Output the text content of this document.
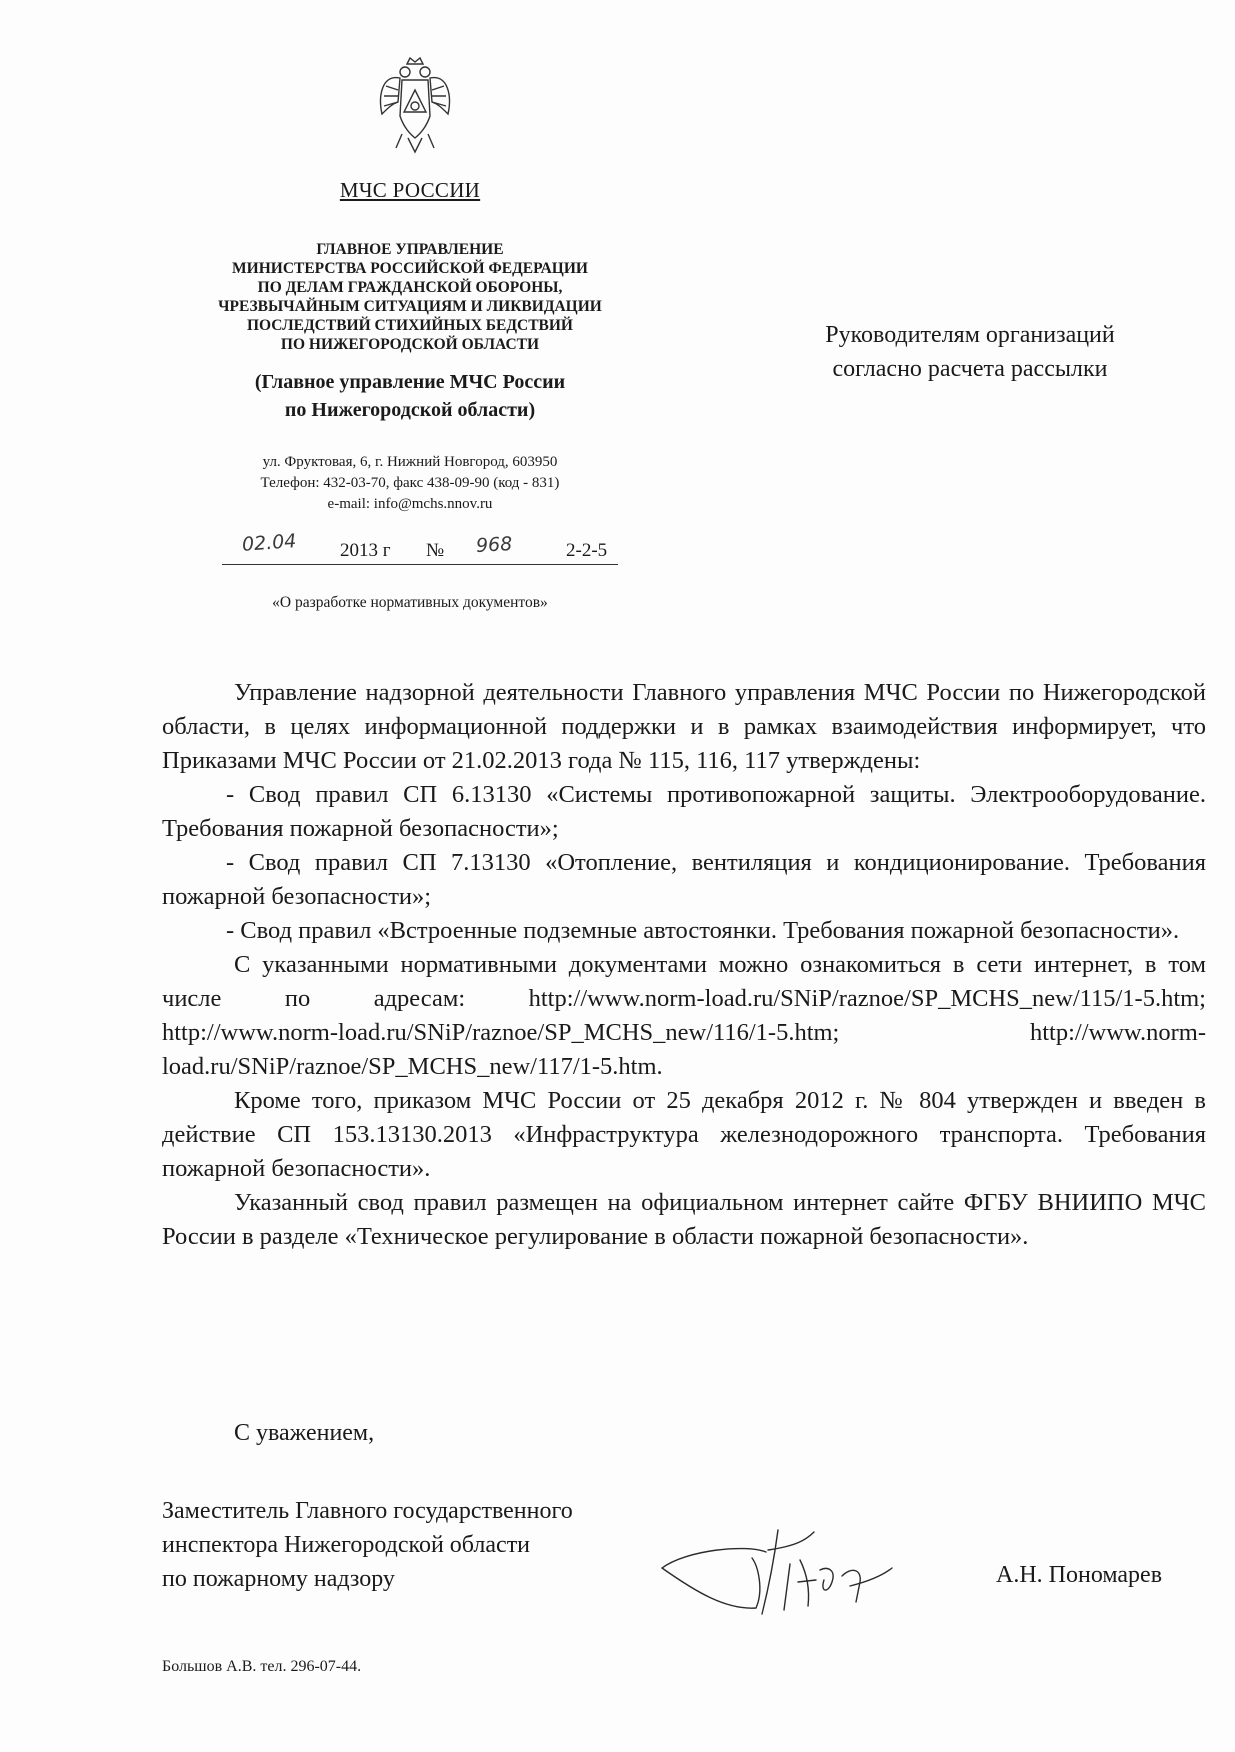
МЧС РОССИИ
ГЛАВНОЕ УПРАВЛЕНИЕ
МИНИСТЕРСТВА РОССИЙСКОЙ ФЕДЕРАЦИИ
ПО ДЕЛАМ ГРАЖДАНСКОЙ ОБОРОНЫ,
ЧРЕЗВЫЧАЙНЫМ СИТУАЦИЯМ И ЛИКВИДАЦИИ
ПОСЛЕДСТВИЙ СТИХИЙНЫХ БЕДСТВИЙ
ПО НИЖЕГОРОДСКОЙ ОБЛАСТИ
(Главное управление МЧС России
по Нижегородской области)
ул. Фруктовая, 6, г. Нижний Новгород, 603950
Телефон: 432-03-70, факс 438-09-90 (код - 831)
e-mail: info@mchs.nnov.ru
02.04 2013 г № 968	2-2-5
«О разработке нормативных документов»
Руководителям организаций
согласно расчета рассылки

Управление надзорной деятельности Главного управления МЧС России по Нижегородской области, в целях информационной поддержки и в рамках взаимодействия информирует, что Приказами МЧС России от 21.02.2013 года № 115, 116, 117 утверждены:

- Свод правил СП 6.13130 «Системы противопожарной защиты. Электрооборудование. Требования пожарной безопасности»;

- Свод правил СП 7.13130 «Отопление, вентиляция и кондиционирование. Требования пожарной безопасности»;

- Свод правил «Встроенные подземные автостоянки. Требования пожарной безопасности».

С указанными нормативными документами можно ознакомиться в сети интернет, в том числе по адресам: http://www.norm-load.ru/SNiP/raznoe/SP_MCHS_new/115/1-5.htm; http://www.norm-load.ru/SNiP/raznoe/SP_MCHS_new/116/1-5.htm; http://www.norm-load.ru/SNiP/raznoe/SP_MCHS_new/117/1-5.htm.

Кроме того, приказом МЧС России от 25 декабря 2012 г. № 804 утвержден и введен в действие СП 153.13130.2013 «Инфраструктура железнодорожного транспорта. Требования пожарной безопасности».

Указанный свод правил размещен на официальном интернет сайте ФГБУ ВНИИПО МЧС России в разделе «Техническое регулирование в области пожарной безопасности».

С уважением,
Заместитель Главного государственного
инспектора Нижегородской области
по пожарному надзору	А.Н. Пономарев
Большов А.В. тел. 296-07-44.
